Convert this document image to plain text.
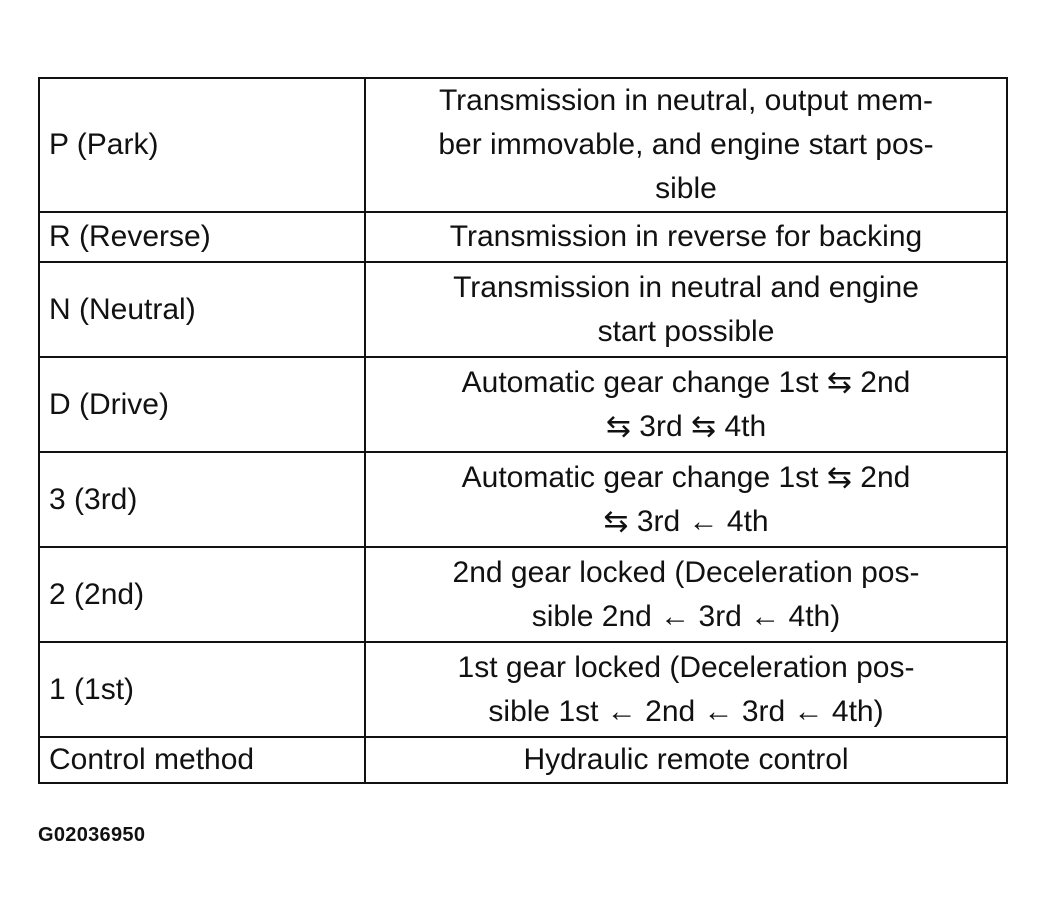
P (Park)	Transmission in neutral, output mem-
ber immovable, and engine start pos-
sible

R (Reverse)	Transmission in reverse for backing

N (Neutral)	Transmission in neutral and engine
start possible

D (Drive)	Automatic gear change 1st ⇆ 2nd
⇆ 3rd ⇆ 4th

3 (3rd)	Automatic gear change 1st ⇆ 2nd
⇆ 3rd ← 4th

2 (2nd)	2nd gear locked (Deceleration pos-
sible 2nd ← 3rd ← 4th)

1 (1st)	1st gear locked (Deceleration pos-
sible 1st ← 2nd ← 3rd ← 4th)

Control method	Hydraulic remote control
G02036950
